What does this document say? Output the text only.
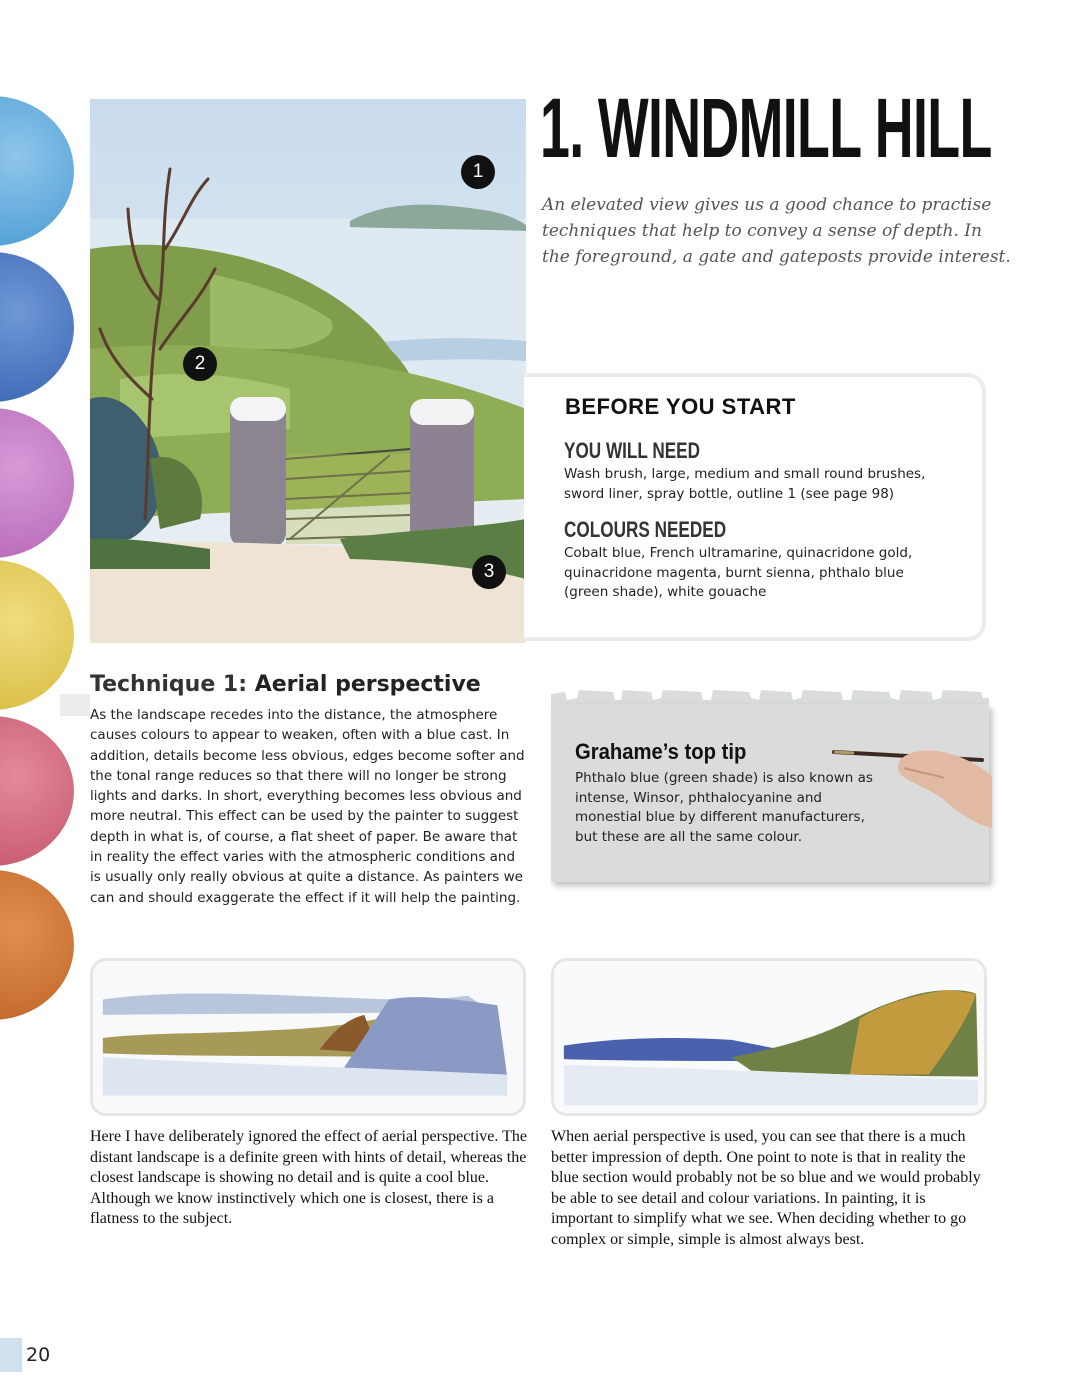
1
2
3
1. WINDMILL HILL

An elevated view gives us a good chance to practise techniques that help to convey a sense of depth. In the foreground, a gate and gateposts provide interest.

BEFORE YOU START
YOU WILL NEED

Wash brush, large, medium and small round brushes, sword liner, spray bottle, outline 1 (see page 98)

COLOURS NEEDED

Cobalt blue, French ultramarine, quinacridone gold, quinacridone magenta, burnt sienna, phthalo blue (green shade), white gouache

Technique 1: Aerial perspective

As the landscape recedes into the distance, the atmosphere causes colours to appear to weaken, often with a blue cast. In addition, details become less obvious, edges become softer and the tonal range reduces so that there will no longer be strong lights and darks. In short, everything becomes less obvious and more neutral. This effect can be used by the painter to suggest depth in what is, of course, a flat sheet of paper. Be aware that in reality the effect varies with the atmospheric conditions and is usually only really obvious at quite a distance. As painters we can and should exaggerate the effect if it will help the painting.

Grahame’s top tip

Phthalo blue (green shade) is also known as intense, Winsor, phthalocyanine and monestial blue by different manufacturers, but these are all the same colour.

Here I have deliberately ignored the effect of aerial perspective. The distant landscape is a definite green with hints of detail, whereas the closest landscape is showing no detail and is quite a cool blue. Although we know instinctively which one is closest, there is a flatness to the subject.

When aerial perspective is used, you can see that there is a much better impression of depth. One point to note is that in reality the blue section would probably not be so blue and we would probably be able to see detail and colour variations. In painting, it is important to simplify what we see. When deciding whether to go complex or simple, simple is almost always best.

20
